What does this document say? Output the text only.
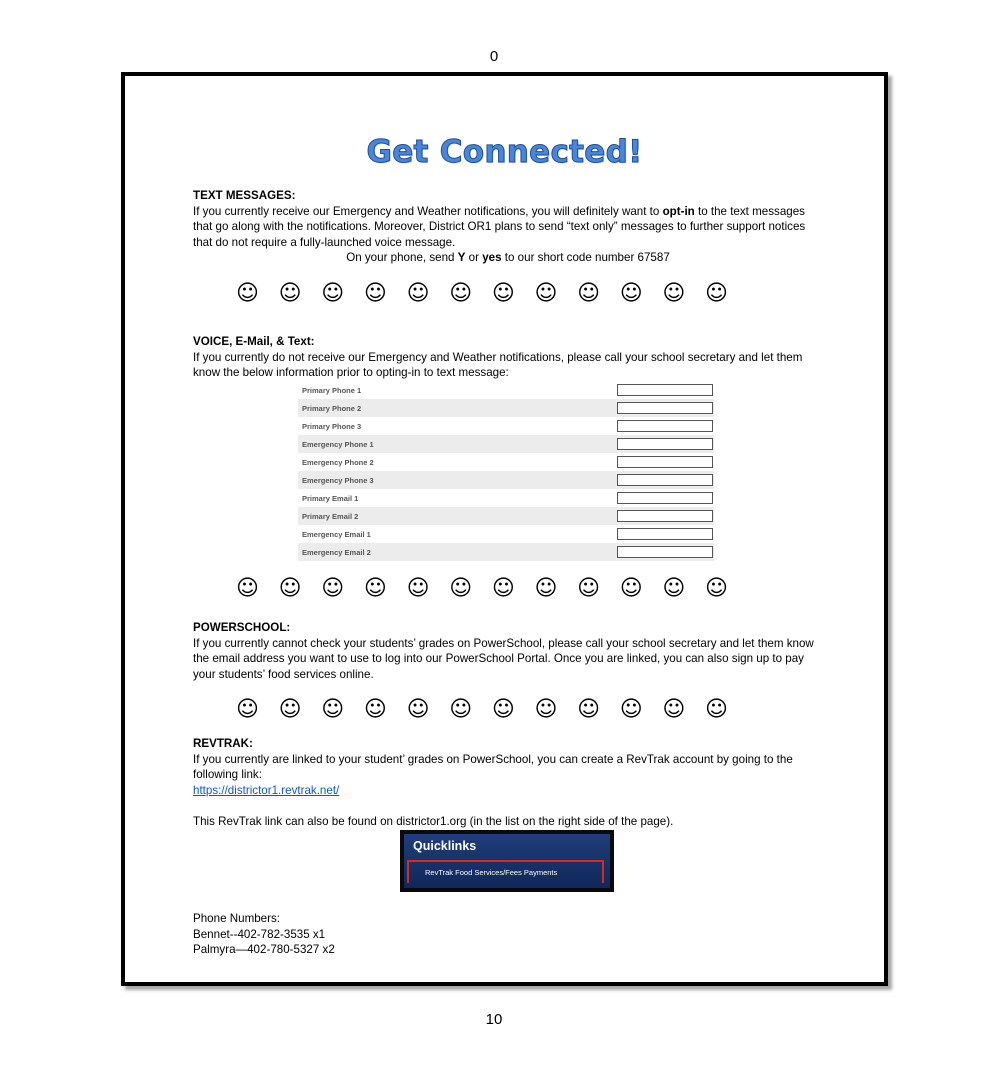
0
Get Connected!
TEXT MESSAGES:
If you currently receive our Emergency and Weather notifications, you will definitely want to opt-in to the text messages that go along with the notifications. Moreover, District OR1 plans to send “text only” messages to further support notices that do not require a fully-launched voice message.
On your phone, send Y or yes to our short code number 67587
☺ ☺ ☺ ☺ ☺ ☺ ☺ ☺ ☺ ☺ ☺ ☺
VOICE, E-Mail, & Text:
If you currently do not receive our Emergency and Weather notifications, please call your school secretary and let them know the below information prior to opting-in to text message:
Primary Phone 1
Primary Phone 2
Primary Phone 3
Emergency Phone 1
Emergency Phone 2
Emergency Phone 3
Primary Email 1
Primary Email 2
Emergency Email 1
Emergency Email 2
☺ ☺ ☺ ☺ ☺ ☺ ☺ ☺ ☺ ☺ ☺ ☺
POWERSCHOOL:
If you currently cannot check your students’ grades on PowerSchool, please call your school secretary and let them know the email address you want to use to log into our PowerSchool Portal. Once you are linked, you can also sign up to pay your students’ food services online.
☺ ☺ ☺ ☺ ☺ ☺ ☺ ☺ ☺ ☺ ☺ ☺
REVTRAK:
If you currently are linked to your student’ grades on PowerSchool, you can create a RevTrak account by going to the following link:
https://districtor1.revtrak.net/
This RevTrak link can also be found on districtor1.org (in the list on the right side of the page).
Quicklinks
RevTrak Food Services/Fees Payments
Phone Numbers:
Bennet--402-782-3535 x1
Palmyra—402-780-5327 x2
10
